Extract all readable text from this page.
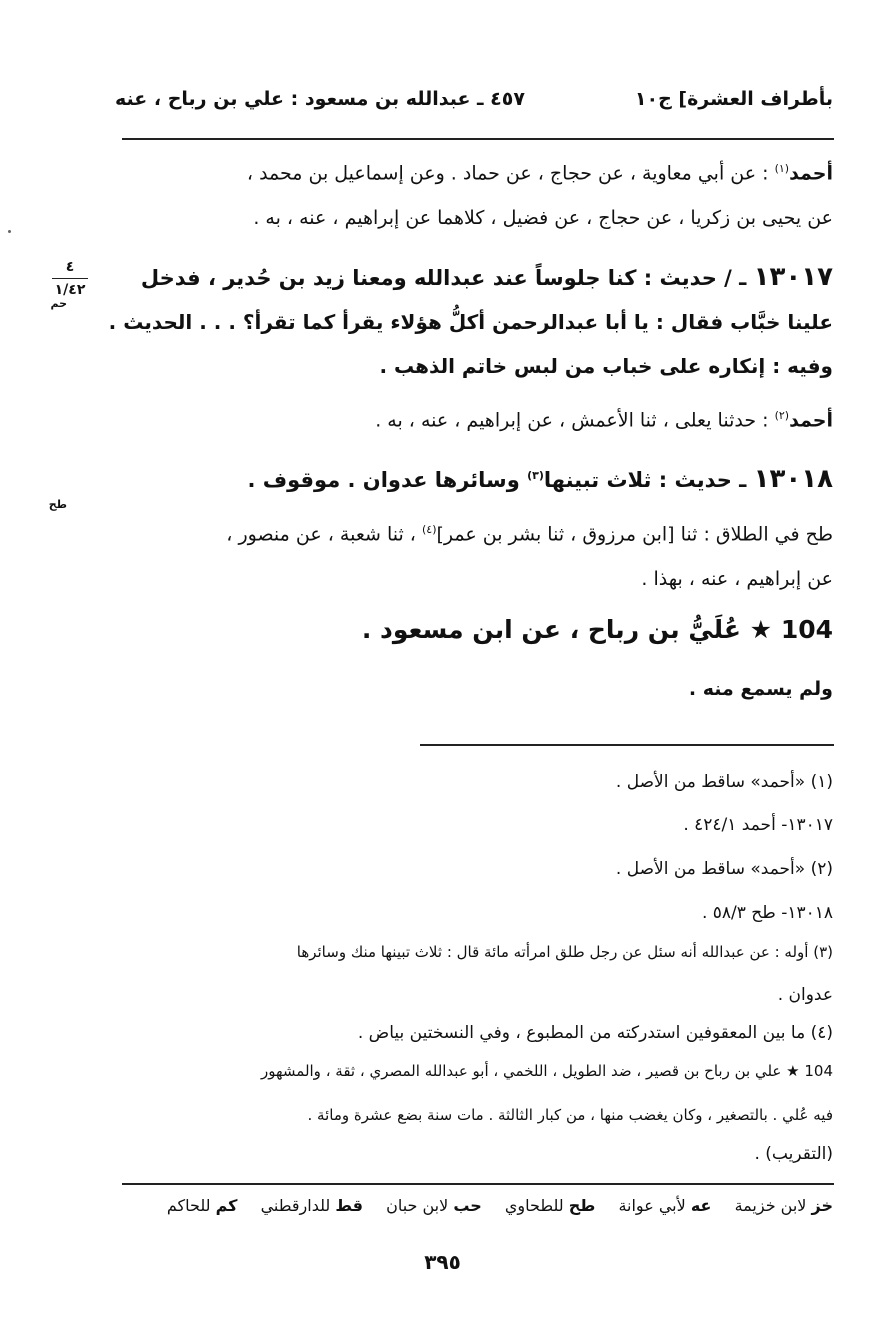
بأطراف العشرة] ج١٠
٤٥٧ ـ عبدالله بن مسعود : علي بن رباح ، عنه
٤
١/٤٢
أحمد$^{(١)}$ : عن أبي معاوية ، عن حجاج ، عن حماد . وعن إسماعيل بن محمد ،
عن يحيى بن زكريا ، عن حجاج ، عن فضيل ، كلاهما عن إبراهيم ، عنه ، به .
١٣٠١٧ ـ / حديث : كنا جلوساً عند عبدالله ومعنا زيد بن حُدير ، فدخل
حم
علينا خبَّاب فقال : يا أبا عبدالرحمن أكلُّ هؤلاء يقرأ كما تقرأ؟ . . . الحديث .
وفيه : إنكاره على خباب من لبس خاتم الذهب .
أحمد$^{(٢)}$ : حدثنا يعلى ، ثنا الأعمش ، عن إبراهيم ، عنه ، به .
١٣٠١٨ ـ حديث : ثلاث تبينها$^{(٣)}$ وسائرها عدوان . موقوف .
طح
طح في الطلاق : ثنا [ابن مرزوق ، ثنا بشر بن عمر]$^{(٤)}$ ، ثنا شعبة ، عن منصور ،
عن إبراهيم ، عنه ، بهذا .
104 ★ عُلَيُّ بن رباح ، عن ابن مسعود .
ولم يسمع منه .
(١) «أحمد» ساقط من الأصل .
١٣٠١٧- أحمد ٤٢٤/١ .
(٢) «أحمد» ساقط من الأصل .
١٣٠١٨- طح ٥٨/٣ .
(٣) أوله : عن عبدالله أنه سئل عن رجل طلق امرأته مائة قال : ثلاث تبينها منك وسائرها
عدوان .
(٤) ما بين المعقوفين استدركته من المطبوع ، وفي النسختين بياض .
104 ★ علي بن رباح بن قصير ، ضد الطويل ، اللخمي ، أبو عبدالله المصري ، ثقة ، والمشهور
فيه عُلي . بالتصغير ، وكان يغضب منها ، من كبار الثالثة . مات سنة بضع عشرة ومائة .
(التقريب) .
خز لابن خزيمة عه لأبي عوانة طح للطحاوي حب لابن حبان قط للدارقطني كم للحاكم
٣٩٥
